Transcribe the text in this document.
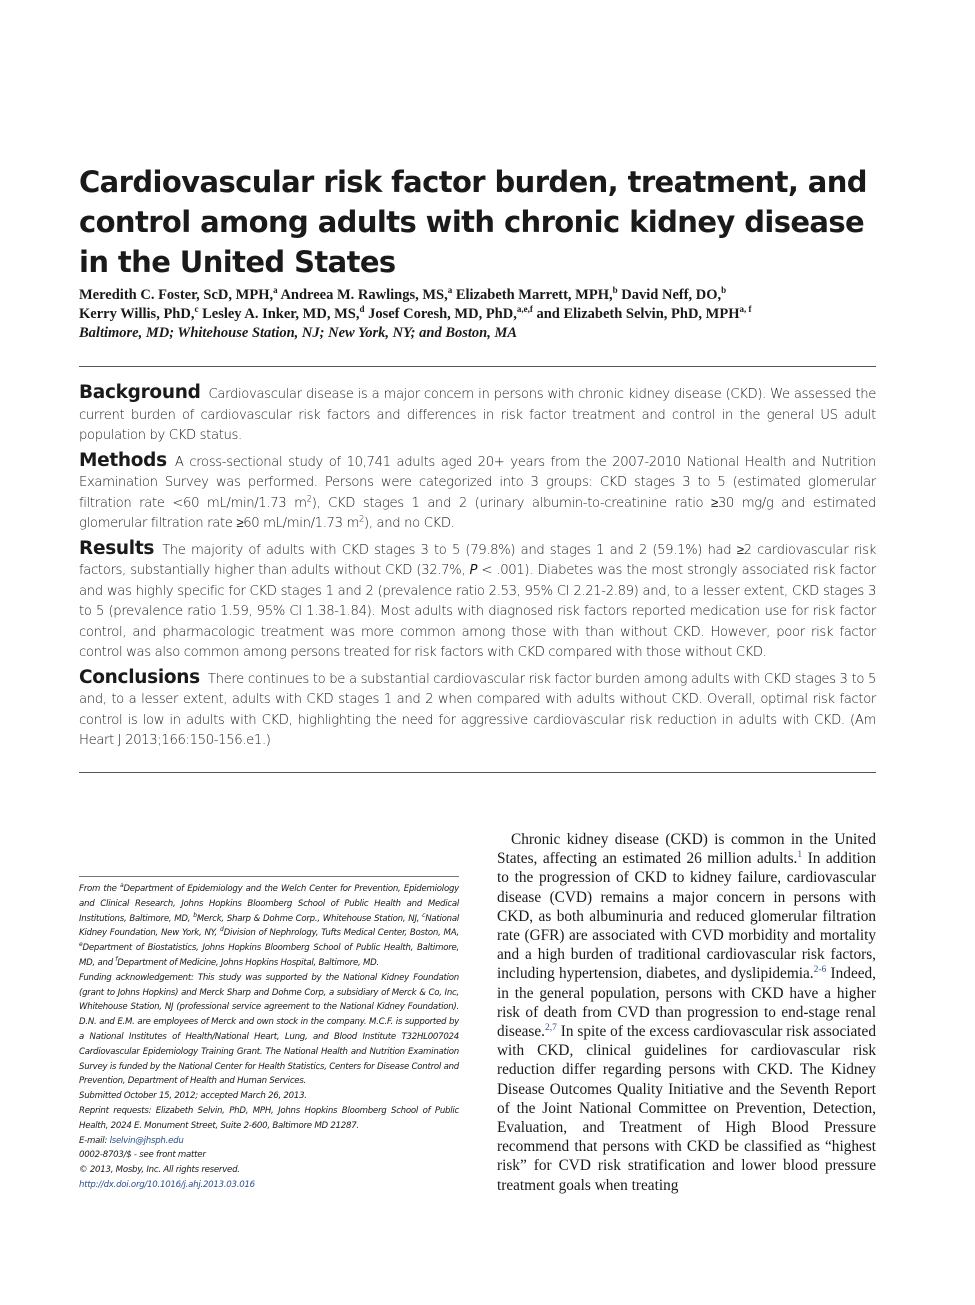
Cardiovascular risk factor burden, treatment, and control among adults with chronic kidney disease in the United States
Meredith C. Foster, ScD, MPH,$^a$ Andreea M. Rawlings, MS,$^a$ Elizabeth Marrett, MPH,$^b$ David Neff, DO,$^b$
Kerry Willis, PhD,$^c$ Lesley A. Inker, MD, MS,$^d$ Josef Coresh, MD, PhD,$^{a,e,f}$ and Elizabeth Selvin, PhD, MPH$^{a, f}$
Baltimore, MD; Whitehouse Station, NJ; New York, NY; and Boston, MA

Background Cardiovascular disease is a major concern in persons with chronic kidney disease (CKD). We assessed the current burden of cardiovascular risk factors and differences in risk factor treatment and control in the general US adult population by CKD status.

Methods A cross-sectional study of 10,741 adults aged 20+ years from the 2007-2010 National Health and Nutrition Examination Survey was performed. Persons were categorized into 3 groups: CKD stages 3 to 5 (estimated glomerular filtration rate <60 mL/min/1.73 $m^2$), CKD stages 1 and 2 (urinary albumin-to-creatinine ratio ≥30 mg/g and estimated glomerular filtration rate ≥60 mL/min/1.73 $m^2$), and no CKD.

Results The majority of adults with CKD stages 3 to 5 (79.8%) and stages 1 and 2 (59.1%) had ≥2 cardiovascular risk factors, substantially higher than adults without CKD (32.7%, P < .001). Diabetes was the most strongly associated risk factor and was highly specific for CKD stages 1 and 2 (prevalence ratio 2.53, 95% CI 2.21-2.89) and, to a lesser extent, CKD stages 3 to 5 (prevalence ratio 1.59, 95% CI 1.38-1.84). Most adults with diagnosed risk factors reported medication use for risk factor control, and pharmacologic treatment was more common among those with than without CKD. However, poor risk factor control was also common among persons treated for risk factors with CKD compared with those without CKD.

Conclusions There continues to be a substantial cardiovascular risk factor burden among adults with CKD stages 3 to 5 and, to a lesser extent, adults with CKD stages 1 and 2 when compared with adults without CKD. Overall, optimal risk factor control is low in adults with CKD, highlighting the need for aggressive cardiovascular risk reduction in adults with CKD. (Am Heart J 2013;166:150-156.e1.)

From the $^a$Department of Epidemiology and the Welch Center for Prevention, Epidemiology and Clinical Research, Johns Hopkins Bloomberg School of Public Health and Medical Institutions, Baltimore, MD, $^b$Merck, Sharp & Dohme Corp., Whitehouse Station, NJ, $^c$National Kidney Foundation, New York, NY, $^d$Division of Nephrology, Tufts Medical Center, Boston, MA, $^e$Department of Biostatistics, Johns Hopkins Bloomberg School of Public Health, Baltimore, MD, and $^f$Department of Medicine, Johns Hopkins Hospital, Baltimore, MD.

Funding acknowledgement: This study was supported by the National Kidney Foundation (grant to Johns Hopkins) and Merck Sharp and Dohme Corp, a subsidiary of Merck & Co, Inc, Whitehouse Station, NJ (professional service agreement to the National Kidney Foundation). D.N. and E.M. are employees of Merck and own stock in the company. M.C.F. is supported by a National Institutes of Health/National Heart, Lung, and Blood Institute T32HL007024 Cardiovascular Epidemiology Training Grant. The National Health and Nutrition Examination Survey is funded by the National Center for Health Statistics, Centers for Disease Control and Prevention, Department of Health and Human Services.

Submitted October 15, 2012; accepted March 26, 2013.

Reprint requests: Elizabeth Selvin, PhD, MPH, Johns Hopkins Bloomberg School of Public Health, 2024 E. Monument Street, Suite 2-600, Baltimore MD 21287.

E-mail: lselvin@jhsph.edu

0002-8703/$ - see front matter

© 2013, Mosby, Inc. All rights reserved.

http://dx.doi.org/10.1016/j.ahj.2013.03.016

Chronic kidney disease (CKD) is common in the United States, affecting an estimated 26 million adults.$^1$ In addition to the progression of CKD to kidney failure, cardiovascular disease (CVD) remains a major concern in persons with CKD, as both albuminuria and reduced glomerular filtration rate (GFR) are associated with CVD morbidity and mortality and a high burden of traditional cardiovascular risk factors, including hypertension, diabetes, and dyslipidemia.$^{2-6}$ Indeed, in the general population, persons with CKD have a higher risk of death from CVD than progression to end-stage renal disease.$^{2,7}$ In spite of the excess cardiovascular risk associated with CKD, clinical guidelines for cardiovascular risk reduction differ regarding persons with CKD. The Kidney Disease Outcomes Quality Initiative and the Seventh Report of the Joint National Committee on Prevention, Detection, Evaluation, and Treatment of High Blood Pressure recommend that persons with CKD be classified as “highest risk” for CVD risk stratification and lower blood pressure treatment goals when treating
